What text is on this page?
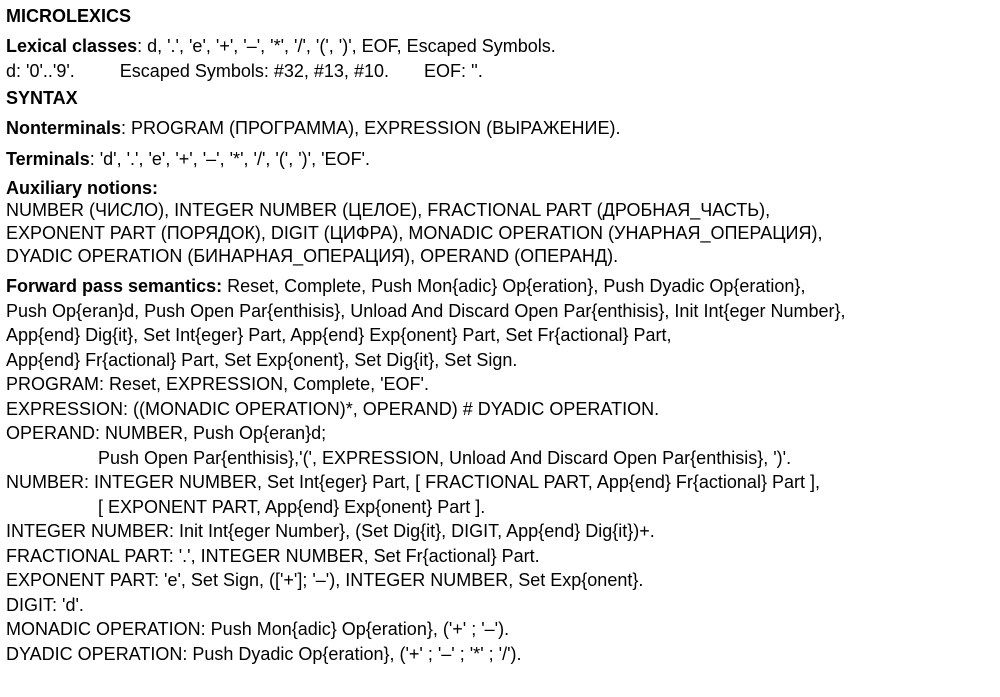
MICROLEXICS
Lexical classes: d, '.', 'e', '+', '–', '*', '/', '(', ')', EOF, Escaped Symbols.
d: '0'..'9'.	Escaped Symbols: #32, #13, #10. EOF: ''.
SYNTAX
Nonterminals: PROGRAM (ПРОГРАММА), EXPRESSION (ВЫРАЖЕНИЕ).
Terminals: 'd', '.', 'e', '+', '–', '*', '/', '(', ')', 'EOF'.
Auxiliary notions:
NUMBER (ЧИСЛО), INTEGER NUMBER (ЦЕЛОЕ), FRACTIONAL PART (ДРОБНАЯ_ЧАСТЬ),
EXPONENT PART (ПОРЯДОК), DIGIT (ЦИФРА), MONADIC OPERATION (УНАРНАЯ_ОПЕРАЦИЯ),
DYADIC OPERATION (БИНАРНАЯ_ОПЕРАЦИЯ), OPERAND (ОПЕРАНД).
Forward pass semantics: Reset, Complete, Push Mon{adic} Op{eration}, Push Dyadic Op{eration},
Push Op{eran}d, Push Open Par{enthisis}, Unload And Discard Open Par{enthisis}, Init Int{eger Number},
App{end} Dig{it}, Set Int{eger} Part, App{end} Exp{onent} Part, Set Fr{actional} Part,
App{end} Fr{actional} Part, Set Exp{onent}, Set Dig{it}, Set Sign.
PROGRAM: Reset, EXPRESSION, Complete, 'EOF'.
EXPRESSION: ((MONADIC OPERATION)*, OPERAND) # DYADIC OPERATION.
OPERAND: NUMBER, Push Op{eran}d;
Push Open Par{enthisis},'(', EXPRESSION, Unload And Discard Open Par{enthisis}, ')'.
NUMBER: INTEGER NUMBER, Set Int{eger} Part, [ FRACTIONAL PART, App{end} Fr{actional} Part ],
[ EXPONENT PART, App{end} Exp{onent} Part ].
INTEGER NUMBER: Init Int{eger Number}, (Set Dig{it}, DIGIT, App{end} Dig{it})+.
FRACTIONAL PART: '.', INTEGER NUMBER, Set Fr{actional} Part.
EXPONENT PART: 'e', Set Sign, (['+']; '–'), INTEGER NUMBER, Set Exp{onent}.
DIGIT: 'd'.
MONADIC OPERATION: Push Mon{adic} Op{eration}, ('+' ; '–').
DYADIC OPERATION: Push Dyadic Op{eration}, ('+' ; '–' ; '*' ; '/').
